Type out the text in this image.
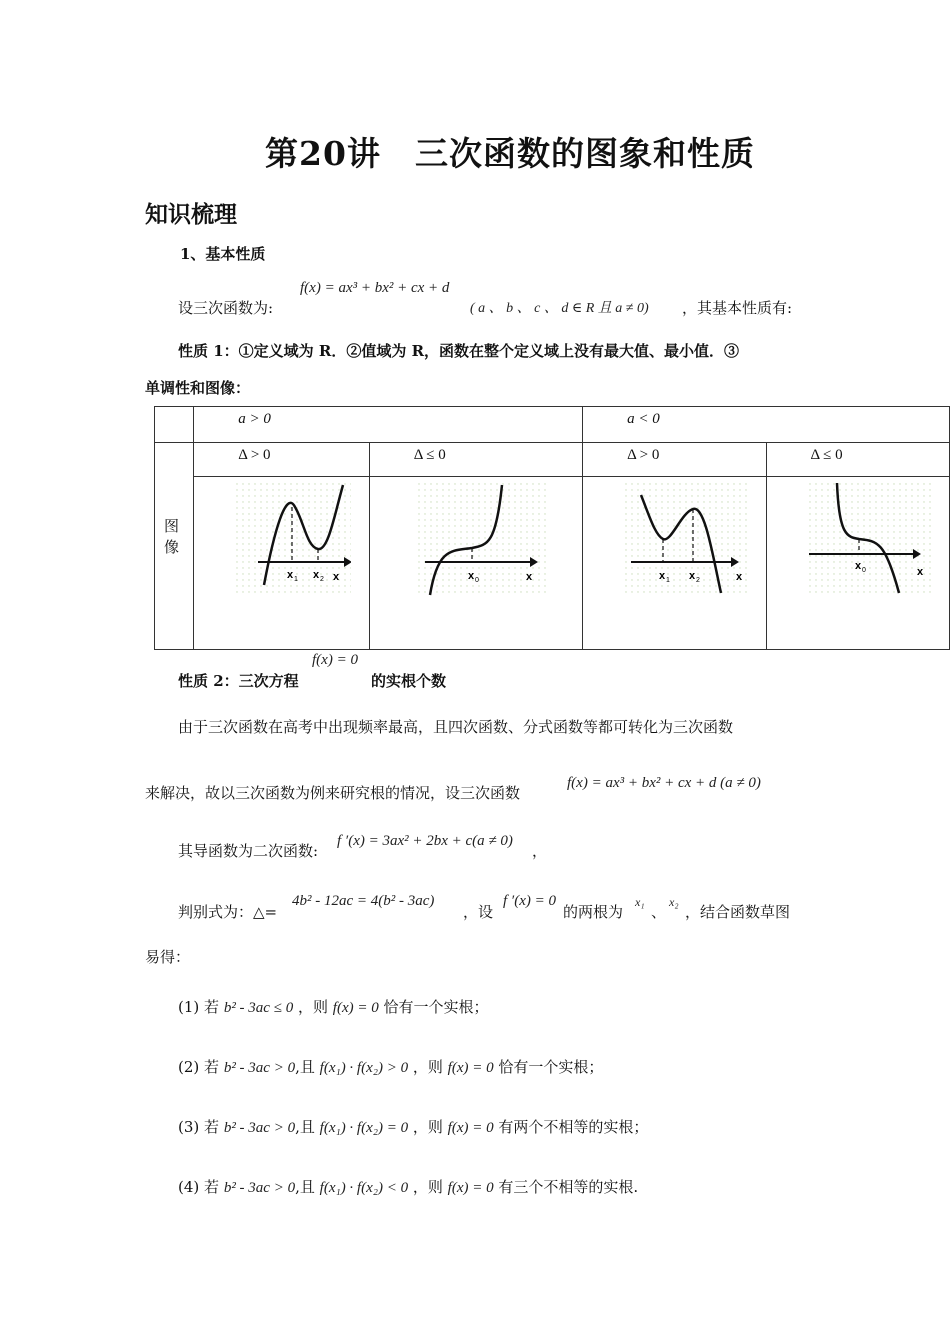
第20讲　三次函数的图象和性质
知识梳理
1、基本性质
设三次函数为:
f(x) = ax³ + bx² + cx + d
( a 、 b 、 c 、 d ∈ R 且 a ≠ 0) ，其基本性质有:
性质 1：①定义域为 R．②值域为 R，函数在整个定义域上没有最大值、最小值．③
单调性和图像：
	a > 0		a < 0	
图像	Δ > 0	Δ ≤ 0	Δ > 0	Δ ≤ 0

x 1 x 2 x	x 0 x	x 1 x 2 x	x 0 x
性质 2：三次方程
f(x) = 0
的实根个数
由于三次函数在高考中出现频率最高，且四次函数、分式函数等都可转化为三次函数
来解决，故以三次函数为例来研究根的情况，设三次函数
f(x) = ax³ + bx² + cx + d (a ≠ 0)
其导函数为二次函数:
f ′(x) = 3ax² + 2bx + c(a ≠ 0)
，
判别式为：△=
4b² - 12ac = 4(b² - 3ac)
，设
f ′(x) = 0
的两根为
x₁
、
x₂
，结合函数草图
易得：
(1) 若 b² - 3ac ≤ 0 ，则 f(x) = 0 恰有一个实根；
(2) 若 b² - 3ac > 0,且 f(x₁) · f(x₂) > 0 ，则 f(x) = 0 恰有一个实根；
(3) 若 b² - 3ac > 0,且 f(x₁) · f(x₂) = 0 ，则 f(x) = 0 有两个不相等的实根；
(4) 若 b² - 3ac > 0,且 f(x₁) · f(x₂) < 0 ，则 f(x) = 0 有三个不相等的实根.
